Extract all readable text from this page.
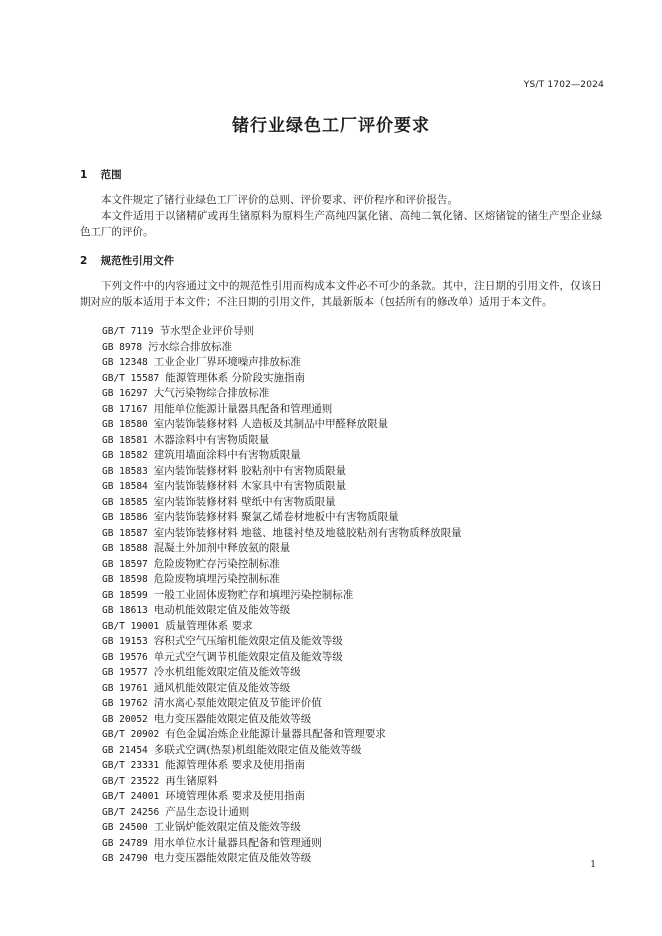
YS/T 1702—2024
锗行业绿色工厂评价要求
1 范围
本文件规定了锗行业绿色工厂评价的总则、评价要求、评价程序和评价报告。
本文件适用于以锗精矿或再生锗原料为原料生产高纯四氯化锗、高纯二氧化锗、区熔锗锭的锗生产型企业绿色工厂的评价。
2 规范性引用文件
下列文件中的内容通过文中的规范性引用而构成本文件必不可少的条款。其中，注日期的引用文件，仅该日期对应的版本适用于本文件；不注日期的引用文件，其最新版本（包括所有的修改单）适用于本文件。
GB/T 7119 节水型企业评价导则
GB 8978 污水综合排放标准
GB 12348 工业企业厂界环境噪声排放标准
GB/T 15587 能源管理体系 分阶段实施指南
GB 16297 大气污染物综合排放标准
GB 17167 用能单位能源计量器具配备和管理通则
GB 18580 室内装饰装修材料 人造板及其制品中甲醛释放限量
GB 18581 木器涂料中有害物质限量
GB 18582 建筑用墙面涂料中有害物质限量
GB 18583 室内装饰装修材料 胶粘剂中有害物质限量
GB 18584 室内装饰装修材料 木家具中有害物质限量
GB 18585 室内装饰装修材料 壁纸中有害物质限量
GB 18586 室内装饰装修材料 聚氯乙烯卷材地板中有害物质限量
GB 18587 室内装饰装修材料 地毯、地毯衬垫及地毯胶粘剂有害物质释放限量
GB 18588 混凝土外加剂中释放氨的限量
GB 18597 危险废物贮存污染控制标准
GB 18598 危险废物填埋污染控制标准
GB 18599 一般工业固体废物贮存和填埋污染控制标准
GB 18613 电动机能效限定值及能效等级
GB/T 19001 质量管理体系 要求
GB 19153 容积式空气压缩机能效限定值及能效等级
GB 19576 单元式空气调节机能效限定值及能效等级
GB 19577 冷水机组能效限定值及能效等级
GB 19761 通风机能效限定值及能效等级
GB 19762 清水离心泵能效限定值及节能评价值
GB 20052 电力变压器能效限定值及能效等级
GB/T 20902 有色金属冶炼企业能源计量器具配备和管理要求
GB 21454 多联式空调(热泵)机组能效限定值及能效等级
GB/T 23331 能源管理体系 要求及使用指南
GB/T 23522 再生锗原料
GB/T 24001 环境管理体系 要求及使用指南
GB/T 24256 产品生态设计通则
GB 24500 工业锅炉能效限定值及能效等级
GB 24789 用水单位水计量器具配备和管理通则
GB 24790 电力变压器能效限定值及能效等级
1
